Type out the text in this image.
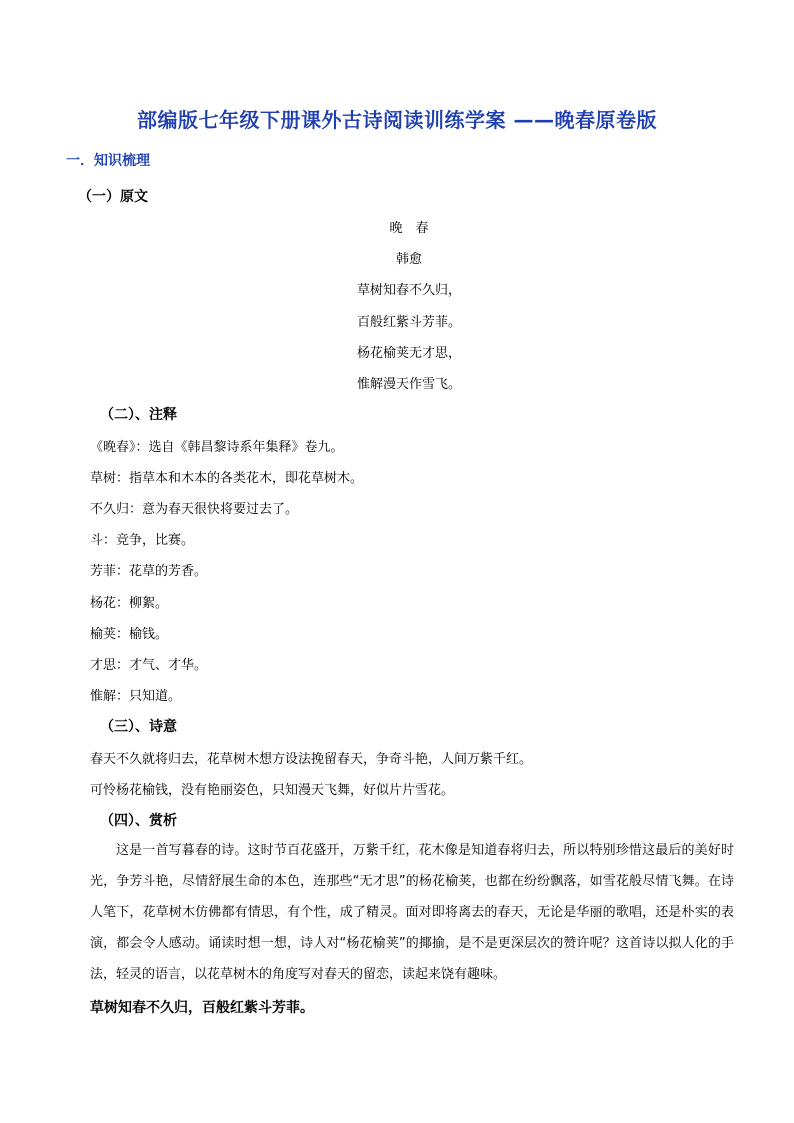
部编版七年级下册课外古诗阅读训练学案 ——晚春原卷版

一．知识梳理

（一）原文

晚　春

韩愈

草树知春不久归，

百般红紫斗芳菲。

杨花榆荚无才思，

惟解漫天作雪飞。

（二）、注释

《晚春》：选自《韩昌黎诗系年集释》卷九。

草树：指草本和木本的各类花木，即花草树木。

不久归：意为春天很快将要过去了。

斗：竞争，比赛。

芳菲：花草的芳香。

杨花：柳絮。

榆荚：榆钱。

才思：才气、才华。

惟解：只知道。

（三）、诗意

春天不久就将归去，花草树木想方设法挽留春天，争奇斗艳，人间万紫千红。

可怜杨花榆钱，没有艳丽姿色，只知漫天飞舞，好似片片雪花。

（四）、赏析

这是一首写暮春的诗。这时节百花盛开，万紫千红，花木像是知道春将归去，所以特别珍惜这最后的美好时光，争芳斗艳，尽情舒展生命的本色，连那些“无才思”的杨花榆荚，也都在纷纷飘落，如雪花般尽情飞舞。在诗人笔下，花草树木仿佛都有情思，有个性，成了精灵。面对即将离去的春天，无论是华丽的歌唱，还是朴实的表演，都会令人感动。诵读时想一想，诗人对“杨花榆荚”的揶揄，是不是更深层次的赞许呢？这首诗以拟人化的手法，轻灵的语言，以花草树木的角度写对春天的留恋，读起来饶有趣味。

草树知春不久归，百般红紫斗芳菲。
